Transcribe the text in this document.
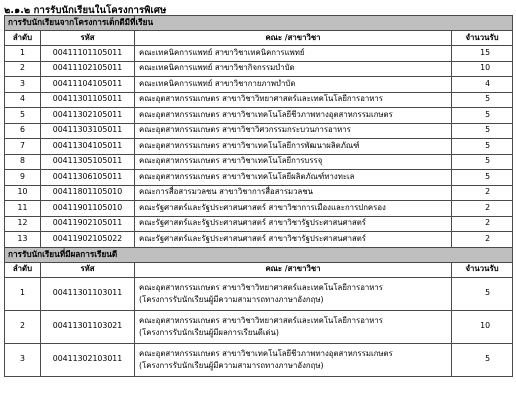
๒.๑.๒ การรับนักเรียนในโครงการพิเศษ
การรับนักเรียนจากโครงการเด็กดีมีที่เรียน			
ลำดับ	รหัส	คณะ /สาขาวิชา	จำนวนรับ
1	00411101105011	คณะเทคนิคการแพทย์ สาขาวิชาเทคนิคการแพทย์	15
2	00411102105011	คณะเทคนิคการแพทย์ สาขาวิชากิจกรรมบำบัด	10
3	00411104105011	คณะเทคนิคการแพทย์ สาขาวิชากายภาพบำบัด	4
4	00411301105011	คณะอุตสาหกรรมเกษตร สาขาวิชาวิทยาศาสตร์และเทคโนโลยีการอาหาร	5
5	00411302105011	คณะอุตสาหกรรมเกษตร สาขาวิชาเทคโนโลยีชีวภาพทางอุตสาหกรรมเกษตร	5
6	00411303105011	คณะอุตสาหกรรมเกษตร สาขาวิชาวิศวกรรมกระบวนการอาหาร	5
7	00411304105011	คณะอุตสาหกรรมเกษตร สาขาวิชาเทคโนโลยีการพัฒนาผลิตภัณฑ์	5
8	00411305105011	คณะอุตสาหกรรมเกษตร สาขาวิชาเทคโนโลยีการบรรจุ	5
9	00411306105011	คณะอุตสาหกรรมเกษตร สาขาวิชาเทคโนโลยีผลิตภัณฑ์ทางทะเล	5
10	00411801105010	คณะการสื่อสารมวลชน สาขาวิชาการสื่อสารมวลชน	2
11	00411901105010	คณะรัฐศาสตร์และรัฐประศาสนศาสตร์ สาขาวิชาการเมืองและการปกครอง	2
12	00411902105011	คณะรัฐศาสตร์และรัฐประศาสนศาสตร์ สาขาวิชารัฐประศาสนศาสตร์	2
13	00411902105022	คณะรัฐศาสตร์และรัฐประศาสนศาสตร์ สาขาวิชารัฐประศาสนศาสตร์	2
การรับนักเรียนที่มีผลการเรียนดี			
ลำดับ	รหัส	คณะ /สาขาวิชา	จำนวนรับ
1	00411301103011	คณะอุตสาหกรรมเกษตร สาขาวิชาวิทยาศาสตร์และเทคโนโลยีการอาหาร
(โครงการรับนักเรียนผู้มีความสามารถทางภาษาอังกฤษ)	5
2	00411301103021	คณะอุตสาหกรรมเกษตร สาขาวิชาวิทยาศาสตร์และเทคโนโลยีการอาหาร
(โครงการรับนักเรียนผู้มีผลการเรียนดีเด่น)	10
3	00411302103011	คณะอุตสาหกรรมเกษตร สาขาวิชาเทคโนโลยีชีวภาพทางอุตสาหกรรมเกษตร
(โครงการรับนักเรียนผู้มีความสามารถทางภาษาอังกฤษ)	5
